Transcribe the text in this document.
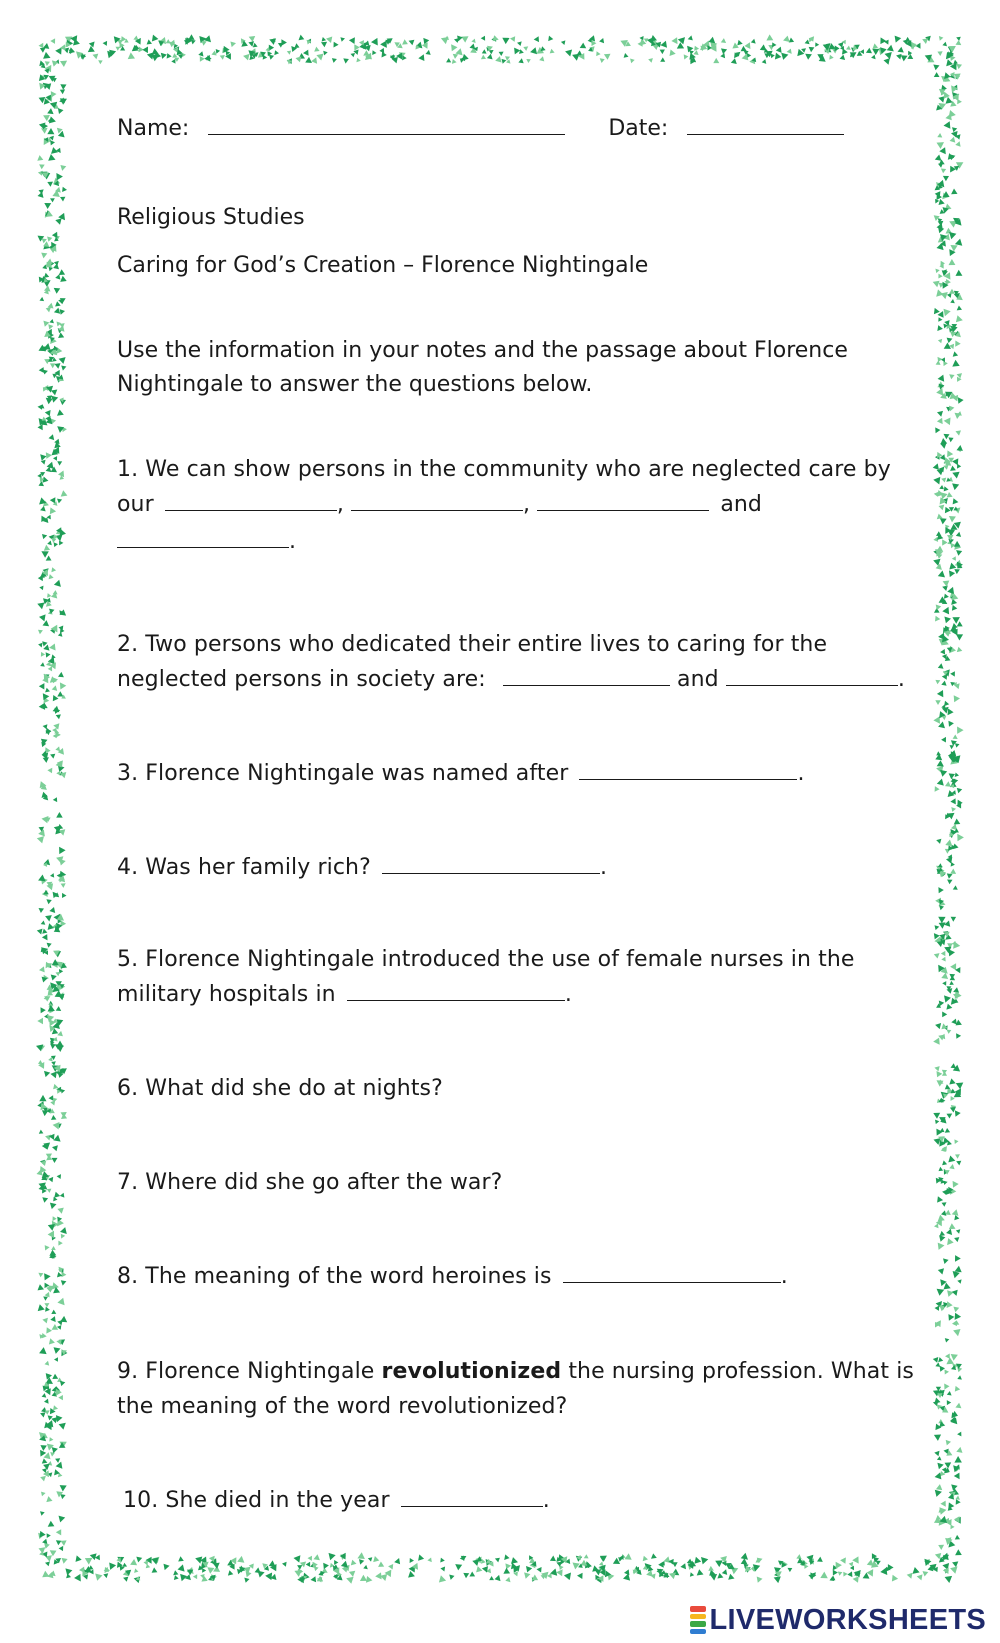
Name:	Date:

Religious Studies

Caring for God’s Creation – Florence Nightingale

Use the information in your notes and the passage about Florence

Nightingale to answer the questions below.

1. We can show persons in the community who are neglected care by

our	,	,	and

.

2. Two persons who dedicated their entire lives to caring for the

neglected persons in society are:	and	.

3. Florence Nightingale was named after	.

4. Was her family rich?	.

5. Florence Nightingale introduced the use of female nurses in the

military hospitals in	.

6. What did she do at nights?

7. Where did she go after the war?

8. The meaning of the word heroines is	.

9. Florence Nightingale revolutionized the nursing profession. What is

the meaning of the word revolutionized?

10. She died in the year	.

LIVEWORKSHEETS
